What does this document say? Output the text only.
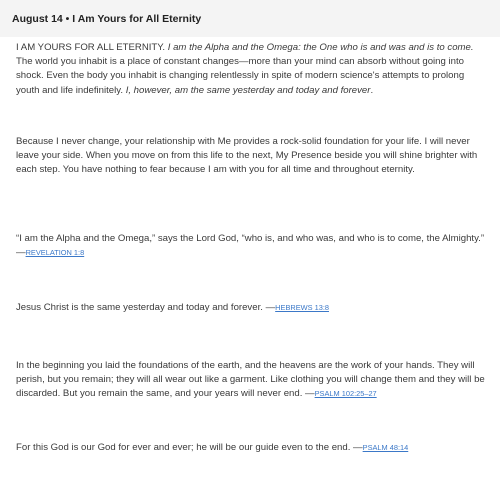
August 14 • I Am Yours for All Eternity
I AM YOURS FOR ALL ETERNITY. I am the Alpha and the Omega: the One who is and was and is to come. The world you inhabit is a place of constant changes—more than your mind can absorb without going into shock. Even the body you inhabit is changing relentlessly in spite of modern science's attempts to prolong youth and life indefinitely. I, however, am the same yesterday and today and forever.
Because I never change, your relationship with Me provides a rock-solid foundation for your life. I will never leave your side. When you move on from this life to the next, My Presence beside you will shine brighter with each step. You have nothing to fear because I am with you for all time and throughout eternity.
“I am the Alpha and the Omega,” says the Lord God, “who is, and who was, and who is to come, the Almighty.” —REVELATION 1:8
Jesus Christ is the same yesterday and today and forever. —HEBREWS 13:8
In the beginning you laid the foundations of the earth, and the heavens are the work of your hands. They will perish, but you remain; they will all wear out like a garment. Like clothing you will change them and they will be discarded. But you remain the same, and your years will never end. —PSALM 102:25–27
For this God is our God for ever and ever; he will be our guide even to the end. —PSALM 48:14
